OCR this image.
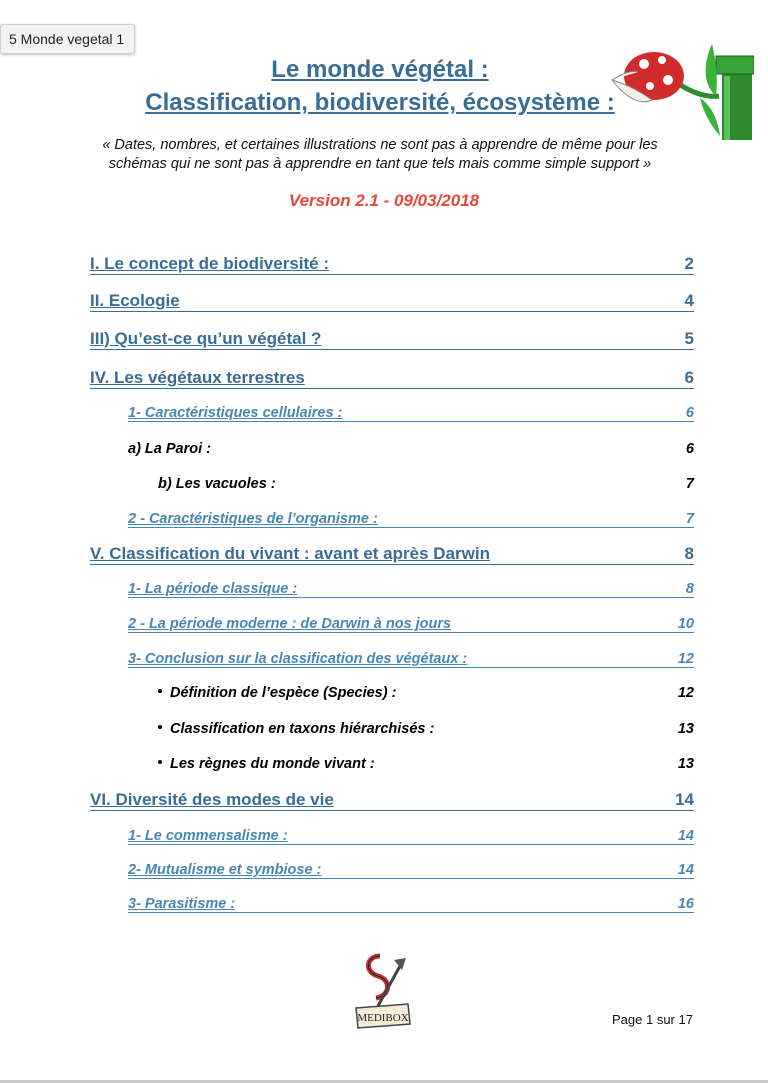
5 Monde vegetal 1
Le monde végétal :
Classification, biodiversité, écosystème :
« Dates, nombres, et certaines illustrations ne sont pas à apprendre de même pour les
schémas qui ne sont pas à apprendre en tant que tels mais comme simple support »
Version 2.1 - 09/03/2018
I. Le concept de biodiversité :	2
II. Ecologie	4
III) Qu’est-ce qu’un végétal ?	5
IV. Les végétaux terrestres	6
1- Caractéristiques cellulaires :	6
a) La Paroi :	6
b) Les vacuoles :	7
2 - Caractéristiques de l’organisme :	7
V. Classification du vivant : avant et après Darwin	8
1- La période classique :	8
2 - La période moderne : de Darwin à nos jours	10
3- Conclusion sur la classification des végétaux :	12
Définition de l’espèce (Species) :	12
Classification en taxons hiérarchisés :	13
Les règnes du monde vivant :	13
VI. Diversité des modes de vie	14
1- Le commensalisme :	14
2- Mutualisme et symbiose :	14
3- Parasitisme :	16
MEDIBOX	Page 1 sur 17
